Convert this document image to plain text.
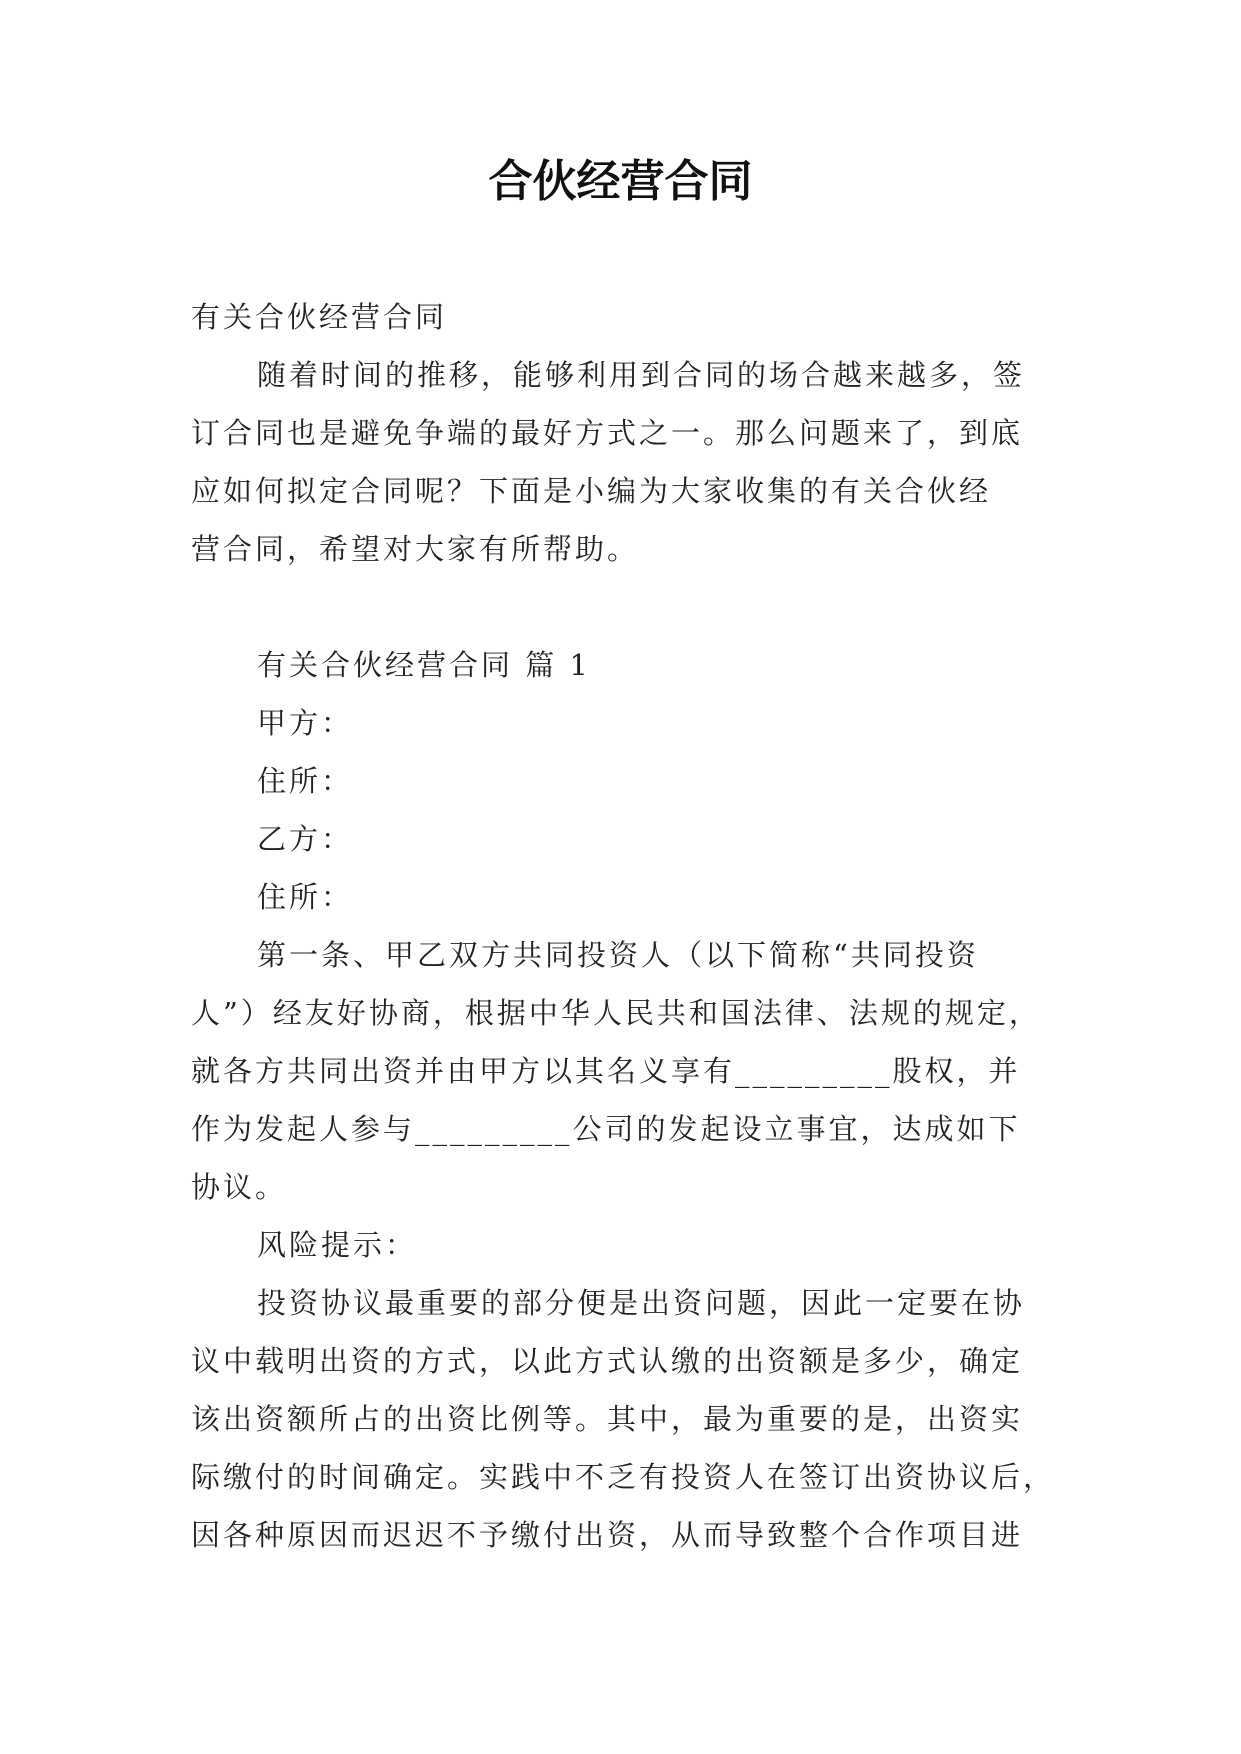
合伙经营合同
有关合伙经营合同
随着时间的推移，能够利用到合同的场合越来越多，签
订合同也是避免争端的最好方式之一。那么问题来了，到底
应如何拟定合同呢？下面是小编为大家收集的有关合伙经
营合同，希望对大家有所帮助。
有关合伙经营合同 篇 1
甲方：
住所：
乙方：
住所：
第一条、甲乙双方共同投资人（以下简称“共同投资
人”）经友好协商，根据中华人民共和国法律、法规的规定，
就各方共同出资并由甲方以其名义享有_________股权，并
作为发起人参与_________公司的发起设立事宜，达成如下
协议。
风险提示：
投资协议最重要的部分便是出资问题，因此一定要在协
议中载明出资的方式，以此方式认缴的出资额是多少，确定
该出资额所占的出资比例等。其中，最为重要的是，出资实
际缴付的时间确定。实践中不乏有投资人在签订出资协议后，
因各种原因而迟迟不予缴付出资，从而导致整个合作项目进
